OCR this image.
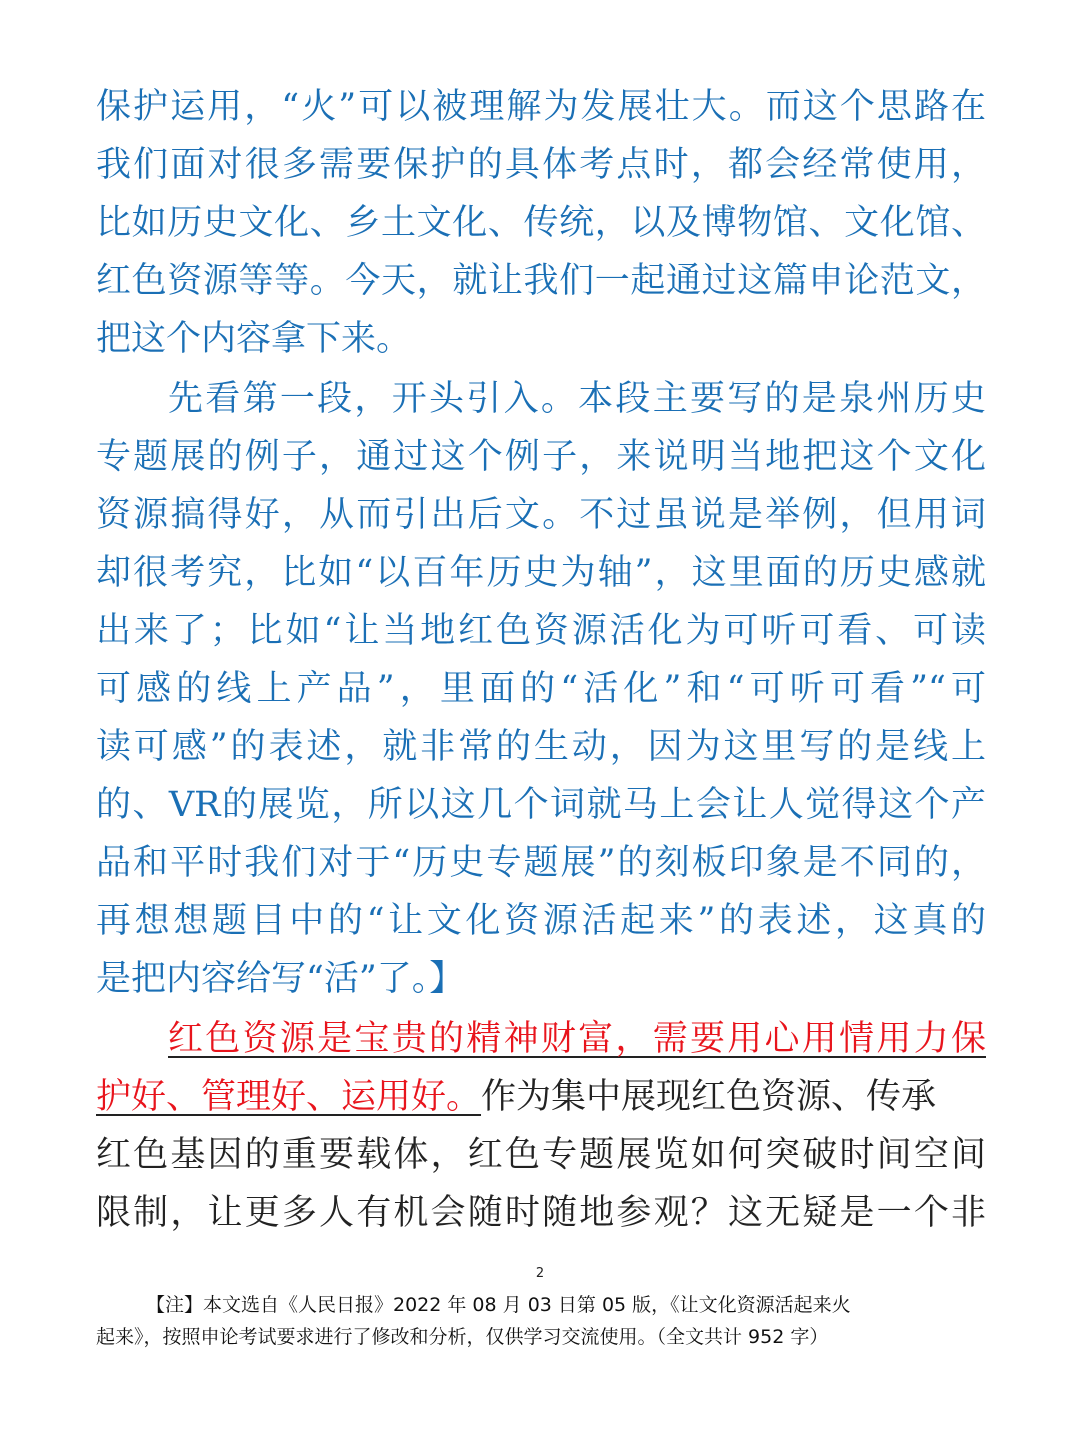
保护运用，“火”可以被理解为发展壮大。而这个思路在
我们面对很多需要保护的具体考点时，都会经常使用，
比如历史文化、乡土文化、传统，以及博物馆、文化馆、
红色资源等等。今天，就让我们一起通过这篇申论范文，
把这个内容拿下来。
先看第一段，开头引入。本段主要写的是泉州历史
专题展的例子，通过这个例子，来说明当地把这个文化
资源搞得好，从而引出后文。不过虽说是举例，但用词
却很考究，比如“以百年历史为轴”，这里面的历史感就
出来了；比如“让当地红色资源活化为可听可看、可读
可感的线上产品”，里面的“活化”和“可听可看”“可
读可感”的表述，就非常的生动，因为这里写的是线上
的、VR的展览，所以这几个词就马上会让人觉得这个产
品和平时我们对于“历史专题展”的刻板印象是不同的，
再想想题目中的“让文化资源活起来”的表述，这真的
是把内容给写“活”了。】
红色资源是宝贵的精神财富，需要用心用情用力保
护好、管理好、运用好。作为集中展现红色资源、传承
红色基因的重要载体，红色专题展览如何突破时间空间
限制，让更多人有机会随时随地参观？这无疑是一个非
2
【注】本文选自《人民日报》2022 年 08 月 03 日第 05 版，《让文化资源活起来火
起来》，按照申论考试要求进行了修改和分析，仅供学习交流使用。（全文共计 952 字）
